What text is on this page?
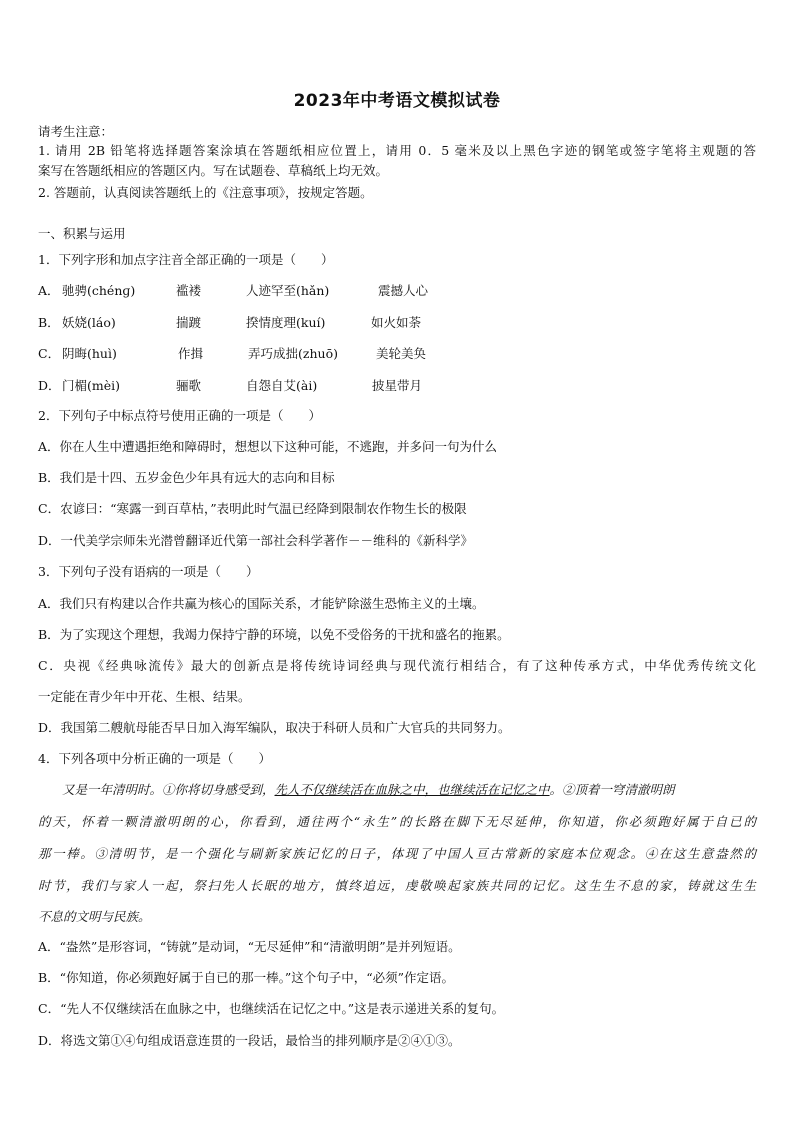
2023年中考语文模拟试卷
请考生注意：
1. 请用 2B 铅笔将选择题答案涂填在答题纸相应位置上，请用 0．5 毫米及以上黑色字迹的钢笔或签字笔将主观题的答
案写在答题纸相应的答题区内。写在试题卷、草稿纸上均无效。
2. 答题前，认真阅读答题纸上的《注意事项》，按规定答题。
一、积累与运用
1．下列字形和加点字注音全部正确的一项是（　　）
A． 驰骋(chénɡ)	褴褛	人迹罕至(hǎn)	震撼人心
B． 妖娆(láo)	揣踱	揆情度理(kuí)	如火如荼
C． 阴晦(huì)	作揖	弄巧成拙(zhuō)	美轮美奂
D． 门楣(mèi)	骊歌	自怨自艾(ài)	披星带月
2．下列句子中标点符号使用正确的一项是（　　）
A．你在人生中遭遇拒绝和障碍时，想想以下这种可能，不逃跑，并多问一句为什么
B．我们是十四、五岁金色少年具有远大的志向和目标
C．农谚曰：“寒露一到百草枯，”表明此时气温已经降到限制农作物生长的极限
D．一代美学宗师朱光潜曾翻译近代第一部社会科学著作－－维科的《新科学》
3．下列句子没有语病的一项是（　　）
A．我们只有构建以合作共赢为核心的国际关系，才能铲除滋生恐怖主义的土壤。
B．为了实现这个理想，我竭力保持宁静的环境，以免不受俗务的干扰和盛名的拖累。
C．央视《经典咏流传》最大的创新点是将传统诗词经典与现代流行相结合，有了这种传承方式，中华优秀传统文化
一定能在青少年中开花、生根、结果。
D．我国第二艘航母能否早日加入海军编队，取决于科研人员和广大官兵的共同努力。
4．下列各项中分析正确的一项是（　　）
又是一年清明时。①你将切身感受到，先人不仅继续活在血脉之中，也继续活在记忆之中。②顶着一穹清澈明朗
的天，怀着一颗清澈明朗的心，你看到，通往两个“永生”的长路在脚下无尽延伸，你知道，你必须跑好属于自已的
那一棒。③清明节，是一个强化与刷新家族记忆的日子，体现了中国人亘古常新的家庭本位观念。④在这生意盎然的
时节，我们与家人一起，祭扫先人长眠的地方，慎终追远，虔敬唤起家族共同的记忆。这生生不息的家，铸就这生生
不息的文明与民族。
A．“盎然”是形容词，“铸就”是动词，“无尽延伸”和“清澈明朗”是并列短语。
B．“你知道，你必须跑好属于自已的那一棒。”这个句子中，“必须”作定语。
C．“先人不仅继续活在血脉之中，也继续活在记忆之中。”这是表示递进关系的复句。
D．将选文第①④句组成语意连贯的一段话，最恰当的排列顺序是②④①③。
